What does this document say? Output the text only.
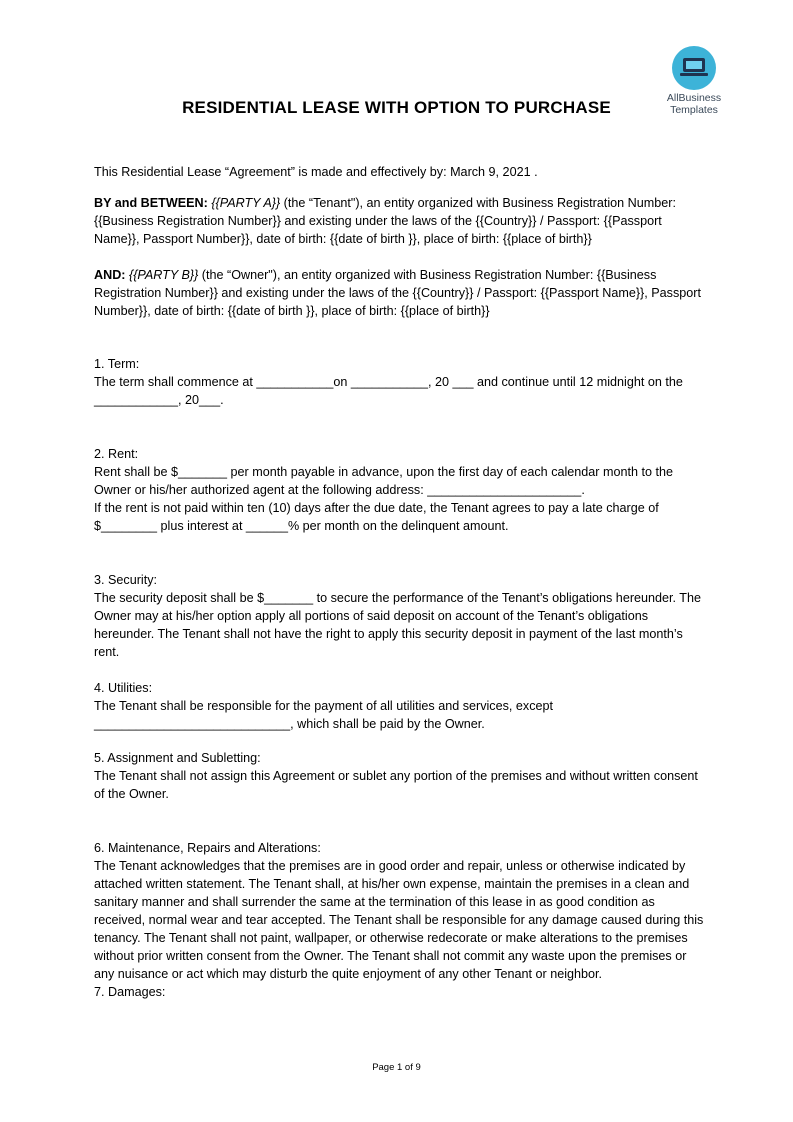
AllBusiness
Templates
RESIDENTIAL LEASE WITH OPTION TO PURCHASE

This Residential Lease “Agreement” is made and effectively by: March 9, 2021 .

BY and BETWEEN: {{PARTY A}} (the “Tenant"), an entity organized with Business Registration Number: {{Business Registration Number}} and existing under the laws of the {{Country}} / Passport: {{Passport Name}}, Passport Number}}, date of birth: {{date of birth }}, place of birth: {{place of birth}}

AND: {{PARTY B}} (the “Owner"), an entity organized with Business Registration Number: {{Business Registration Number}} and existing under the laws of the {{Country}} / Passport: {{Passport Name}}, Passport Number}}, date of birth: {{date of birth }}, place of birth: {{place of birth}}

1. Term:

The term shall commence at ___________on ___________, 20 ___ and continue until 12 midnight on the ____________, 20___.

2. Rent:

Rent shall be $_______ per month payable in advance, upon the first day of each calendar month to the Owner or his/her authorized agent at the following address: ______________________.

If the rent is not paid within ten (10) days after the due date, the Tenant agrees to pay a late charge of $________ plus interest at ______% per month on the delinquent amount.

3. Security:

The security deposit shall be $_______ to secure the performance of the Tenant’s obligations hereunder. The Owner may at his/her option apply all portions of said deposit on account of the Tenant’s obligations hereunder. The Tenant shall not have the right to apply this security deposit in payment of the last month’s rent.

4. Utilities:

The Tenant shall be responsible for the payment of all utilities and services, except ____________________________, which shall be paid by the Owner.

5. Assignment and Subletting:

The Tenant shall not assign this Agreement or sublet any portion of the premises and without written consent of the Owner.

6. Maintenance, Repairs and Alterations:

The Tenant acknowledges that the premises are in good order and repair, unless or otherwise indicated by attached written statement. The Tenant shall, at his/her own expense, maintain the premises in a clean and sanitary manner and shall surrender the same at the termination of this lease in as good condition as received, normal wear and tear accepted. The Tenant shall be responsible for any damage caused during this tenancy. The Tenant shall not paint, wallpaper, or otherwise redecorate or make alterations to the premises without prior written consent from the Owner. The Tenant shall not commit any waste upon the premises or any nuisance or act which may disturb the quite enjoyment of any other Tenant or neighbor.

7. Damages:

Page 1 of 9
